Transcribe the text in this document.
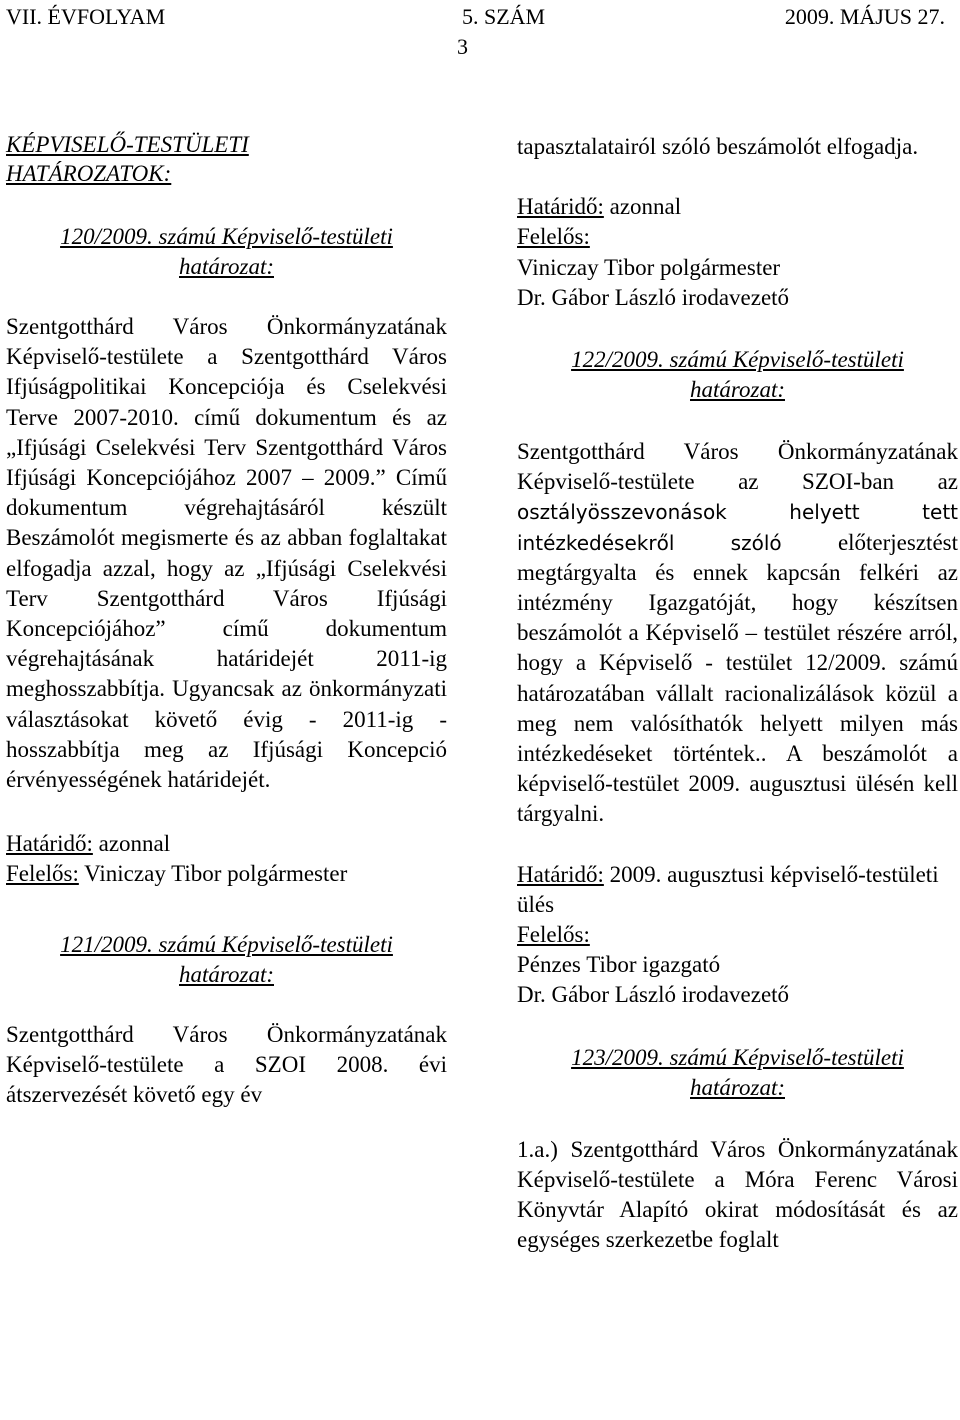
VII. ÉVFOLYAM	5. SZÁM	2009. MÁJUS 27.
3
KÉPVISELŐ-TESTÜLETI
HATÁROZATOK:
120/2009. számú Képviselő-testületi
határozat:

Szentgotthárd Város Önkormányzatának Képviselő-testülete a Szentgotthárd Város Ifjúságpolitikai Koncepciója és Cselekvési Terve 2007-2010. című dokumentum és az „Ifjúsági Cselekvési Terv Szentgotthárd Város Ifjúsági Koncepciójához 2007 – 2009.” Című dokumentum végrehajtásáról készült Beszámolót megismerte és az abban foglaltakat elfogadja azzal, hogy az „Ifjúsági Cselekvési Terv Szentgotthárd Város Ifjúsági Koncepciójához” című dokumentum végrehajtásának határidejét 2011-ig meghosszabbítja. Ugyancsak az önkormányzati választásokat követő évig - 2011-ig - hosszabbítja meg az Ifjúsági Koncepció érvényességének határidejét.

Határidő: azonnal
Felelős: Viniczay Tibor polgármester
121/2009. számú Képviselő-testületi
határozat:

Szentgotthárd Város Önkormányzatának Képviselő-testülete a SZOI 2008. évi átszervezését követő egy év

tapasztalatairól szóló beszámolót elfogadja.

Határidő: azonnal
Felelős:
Viniczay Tibor polgármester
Dr. Gábor László irodavezető
122/2009. számú Képviselő-testületi
határozat:

Szentgotthárd Város Önkormányzatának Képviselő-testülete az SZOI-ban az osztályösszevonások helyett tett intézkedésekről szóló előterjesztést megtárgyalta és ennek kapcsán felkéri az intézmény Igazgatóját, hogy készítsen beszámolót a Képviselő – testület részére arról, hogy a Képviselő - testület 12/2009. számú határozatában vállalt racionalizálások közül a meg nem valósíthatók helyett milyen más intézkedéseket történtek.. A beszámolót a képviselő-testület 2009. augusztusi ülésén kell tárgyalni.

Határidő: 2009. augusztusi képviselő-testületi ülés
Felelős:
Pénzes Tibor igazgató
Dr. Gábor László irodavezető
123/2009. számú Képviselő-testületi
határozat:

1.a.) Szentgotthárd Város Önkormányzatának Képviselő-testülete a Móra Ferenc Városi Könyvtár Alapító okirat módosítását és az egységes szerkezetbe foglalt
